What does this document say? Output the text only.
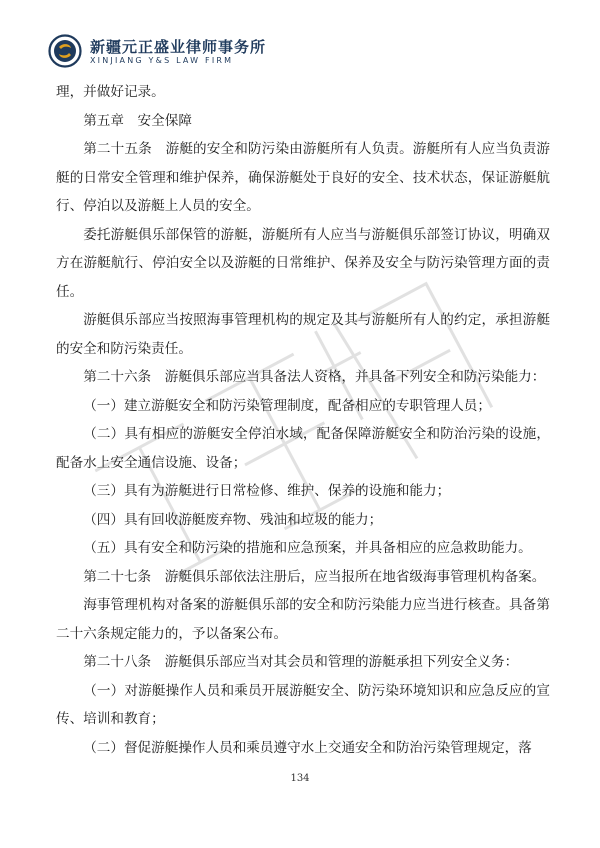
新疆元正盛业律师事务所
XINJIANG Y&S LAW FIRM

理，并做好记录。

第五章　安全保障

第二十五条　游艇的安全和防污染由游艇所有人负责。游艇所有人应当负责游艇的日常安全管理和维护保养，确保游艇处于良好的安全、技术状态，保证游艇航行、停泊以及游艇上人员的安全。

委托游艇俱乐部保管的游艇，游艇所有人应当与游艇俱乐部签订协议，明确双方在游艇航行、停泊安全以及游艇的日常维护、保养及安全与防污染管理方面的责任。

游艇俱乐部应当按照海事管理机构的规定及其与游艇所有人的约定，承担游艇的安全和防污染责任。

第二十六条　游艇俱乐部应当具备法人资格，并具备下列安全和防污染能力：

（一）建立游艇安全和防污染管理制度，配备相应的专职管理人员；

（二）具有相应的游艇安全停泊水域，配备保障游艇安全和防治污染的设施，配备水上安全通信设施、设备；

（三）具有为游艇进行日常检修、维护、保养的设施和能力；

（四）具有回收游艇废弃物、残油和垃圾的能力；

（五）具有安全和防污染的措施和应急预案，并具备相应的应急救助能力。

第二十七条　游艇俱乐部依法注册后，应当报所在地省级海事管理机构备案。

海事管理机构对备案的游艇俱乐部的安全和防污染能力应当进行核查。具备第二十六条规定能力的，予以备案公布。

第二十八条　游艇俱乐部应当对其会员和管理的游艇承担下列安全义务：

（一）对游艇操作人员和乘员开展游艇安全、防污染环境知识和应急反应的宣传、培训和教育；

（二）督促游艇操作人员和乘员遵守水上交通安全和防治污染管理规定，落

134
